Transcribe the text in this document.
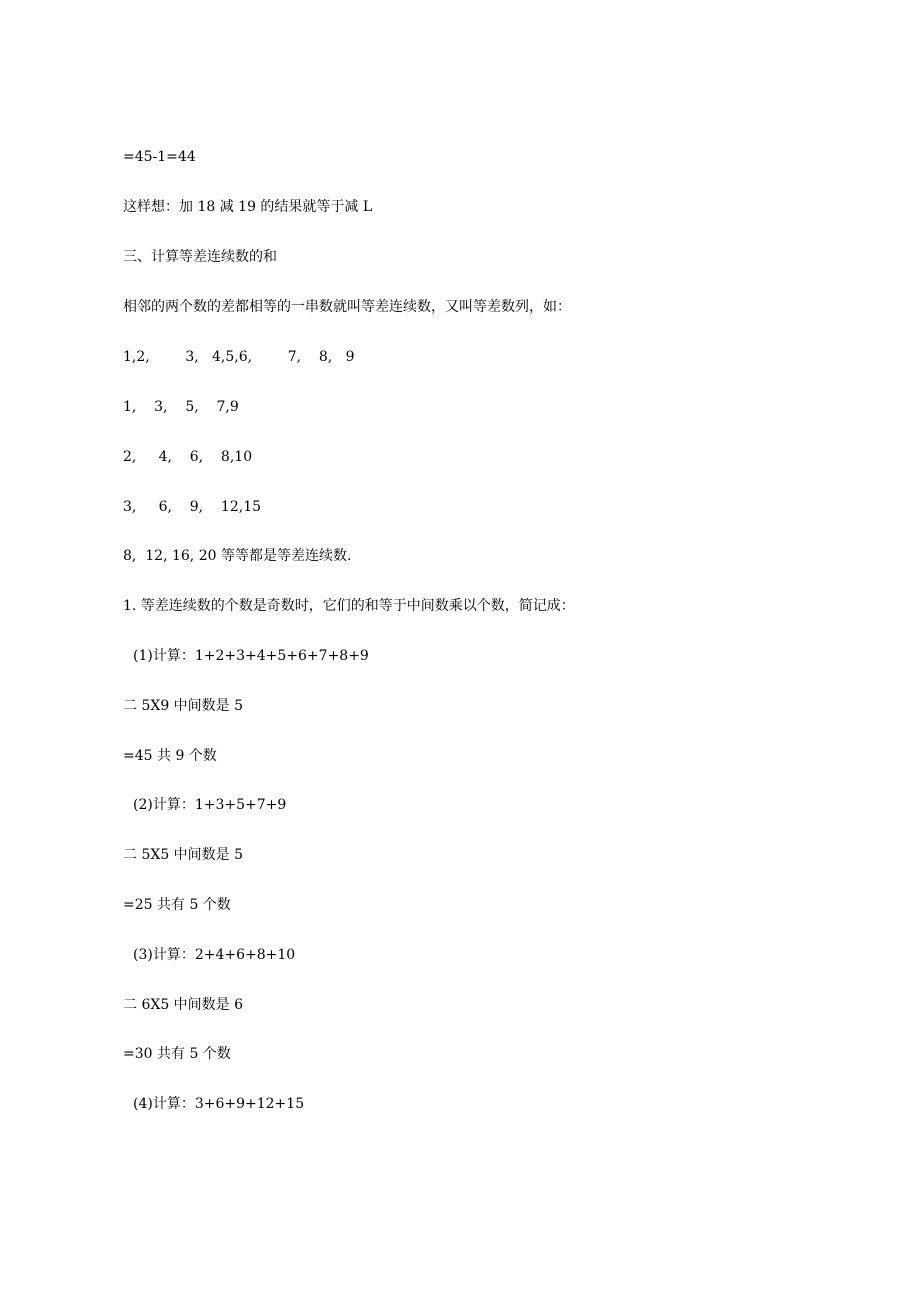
=45-1=44

这样想：加 18 减 19 的结果就等于减 L

三、计算等差连续数的和

相邻的两个数的差都相等的一串数就叫等差连续数，又叫等差数列，如：

1,2,        3,   4,5,6,        7,    8,   9

1,    3,    5,    7,9

2,     4,    6,    8,10

3,     6,    9,    12,15

8,  12, 16, 20 等等都是等差连续数.

1. 等差连续数的个数是奇数时，它们的和等于中间数乘以个数，简记成：

(1)计算：1+2+3+4+5+6+7+8+9

二 5X9 中间数是 5

=45 共 9 个数

(2)计算：1+3+5+7+9

二 5X5 中间数是 5

=25 共有 5 个数

(3)计算：2+4+6+8+10

二 6X5 中间数是 6

=30 共有 5 个数

(4)计算：3+6+9+12+15
